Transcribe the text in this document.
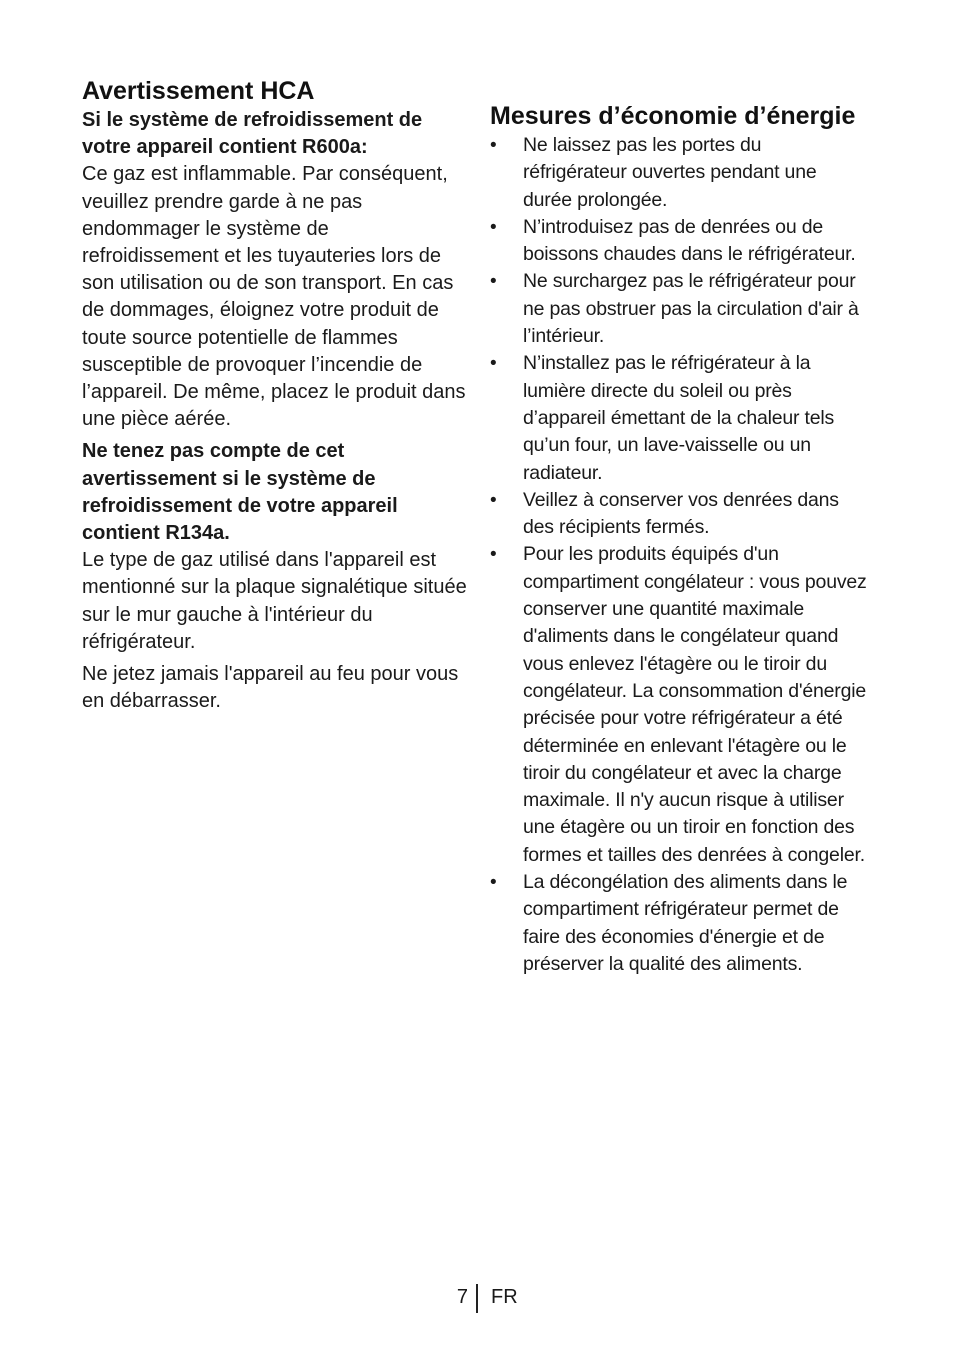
Avertissement HCA

Si le système de refroidissement de votre appareil contient R600a:

Ce gaz est inflammable. Par conséquent, veuillez prendre garde à ne pas endommager le système de refroidissement et les tuyauteries lors de son utilisation ou de son transport. En cas de dommages, éloignez votre produit de toute source potentielle de flammes susceptible de provoquer l’incendie de l’appareil. De même, placez le produit dans une pièce aérée.

Ne tenez pas compte de cet avertissement si le système de refroidissement de votre appareil contient R134a.

Le type de gaz utilisé dans l'appareil est mentionné sur la plaque signalétique située sur le mur gauche à l'intérieur du réfrigérateur.

Ne jetez jamais l'appareil au feu pour vous en débarrasser.

Mesures d’économie d’énergie
• Ne laissez pas les portes du réfrigérateur ouvertes pendant une durée prolongée.
• N’introduisez pas de denrées ou de boissons chaudes dans le réfrigérateur.
• Ne surchargez pas le réfrigérateur pour ne pas obstruer pas la circulation d'air à l’intérieur.
• N’installez pas le réfrigérateur à la lumière directe du soleil ou près d’appareil émettant de la chaleur tels qu’un four, un lave-vaisselle ou un radiateur.
• Veillez à conserver vos denrées dans des récipients fermés.
• Pour les produits équipés d'un compartiment congélateur : vous pouvez conserver une quantité maximale d'aliments dans le congélateur quand vous enlevez l'étagère ou le tiroir du congélateur. La consommation d'énergie précisée pour votre réfrigérateur a été déterminée en enlevant l'étagère ou le tiroir du congélateur et avec la charge maximale. Il n'y aucun risque à utiliser une étagère ou un tiroir en fonction des formes et tailles des denrées à congeler.
• La décongélation des aliments dans le compartiment réfrigérateur permet de faire des économies d'énergie et de préserver la qualité des aliments.
7 FR
